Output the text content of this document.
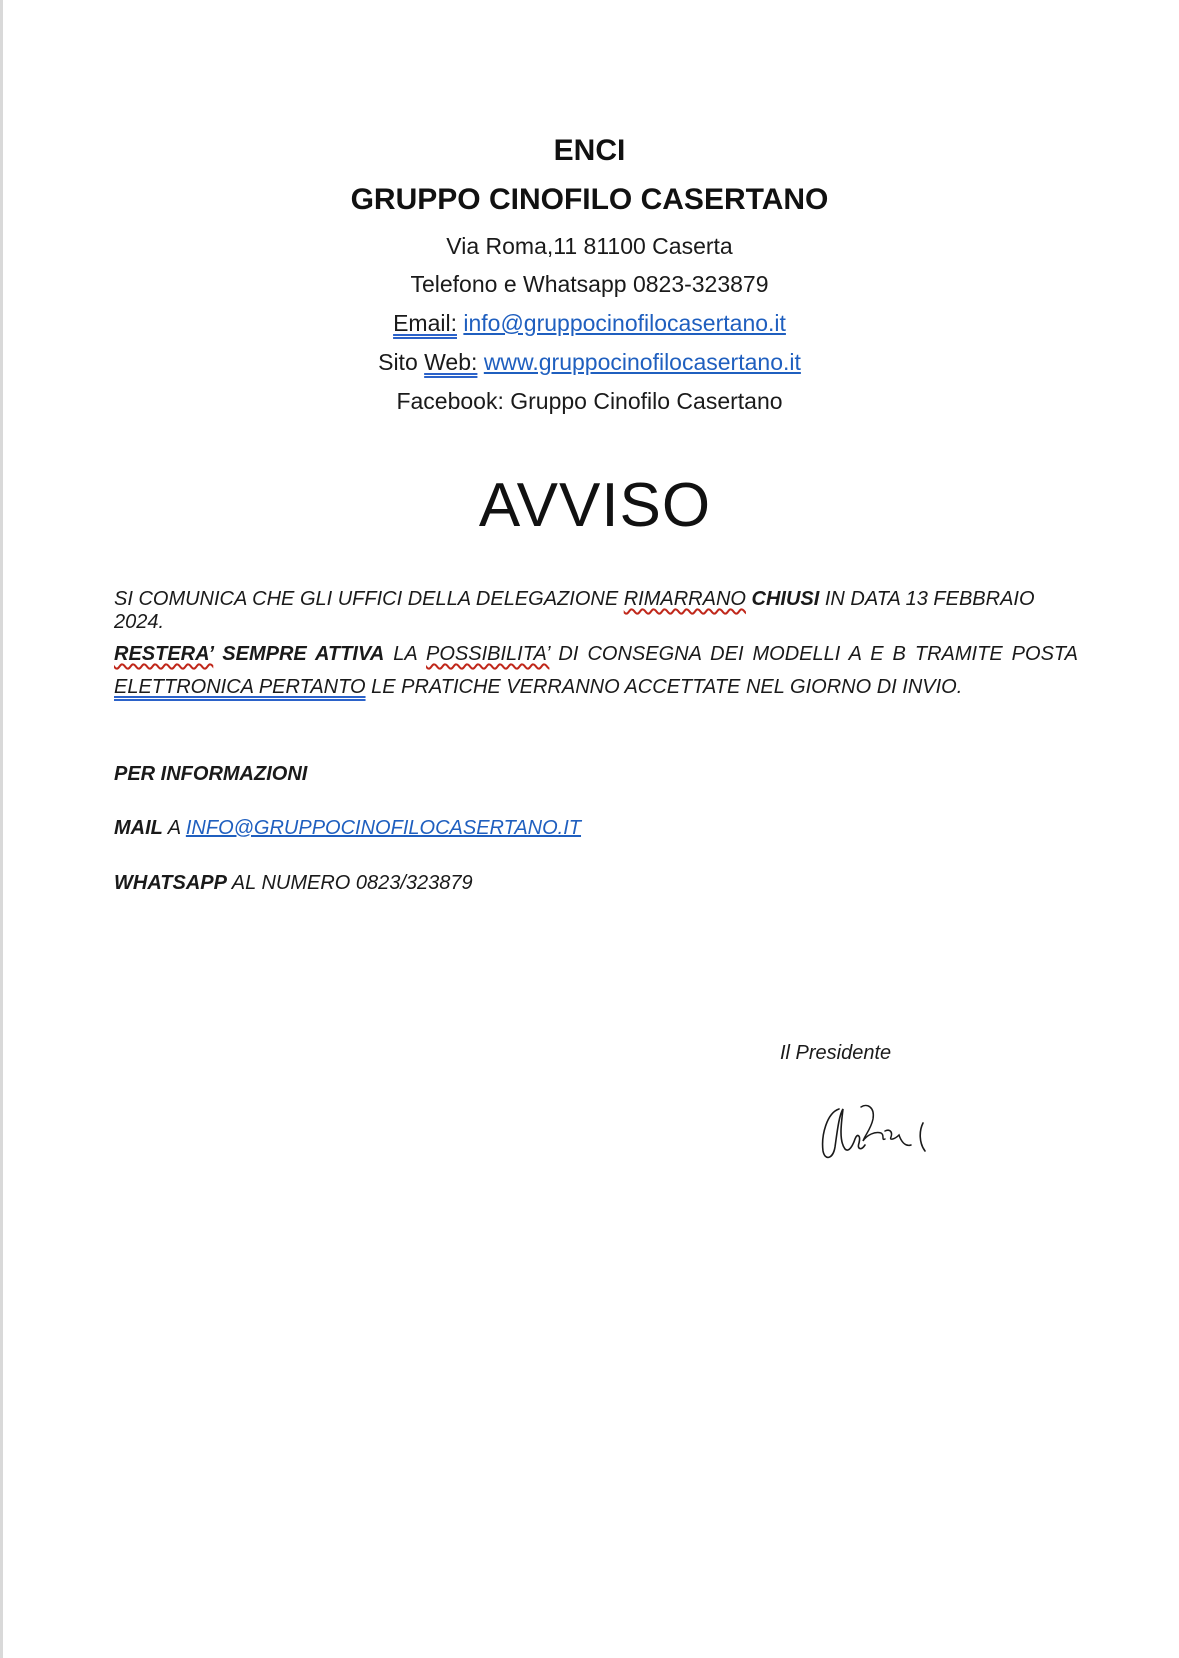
ENCI
GRUPPO CINOFILO CASERTANO
Via Roma,11 81100 Caserta
Telefono e Whatsapp 0823-323879
Email: info@gruppocinofilocasertano.it
Sito Web: www.gruppocinofilocasertano.it
Facebook: Gruppo Cinofilo Casertano
AVVISO
SI COMUNICA CHE GLI UFFICI DELLA DELEGAZIONE RIMARRANO CHIUSI IN DATA 13 FEBBRAIO 2024.
RESTERA’ SEMPRE ATTIVA LA POSSIBILITA’ DI CONSEGNA DEI MODELLI A E B TRAMITE POSTA ELETTRONICA PERTANTO LE PRATICHE VERRANNO ACCETTATE NEL GIORNO DI INVIO.
PER INFORMAZIONI
MAIL A INFO@GRUPPOCINOFILOCASERTANO.IT
WHATSAPP AL NUMERO 0823/323879
Il Presidente
